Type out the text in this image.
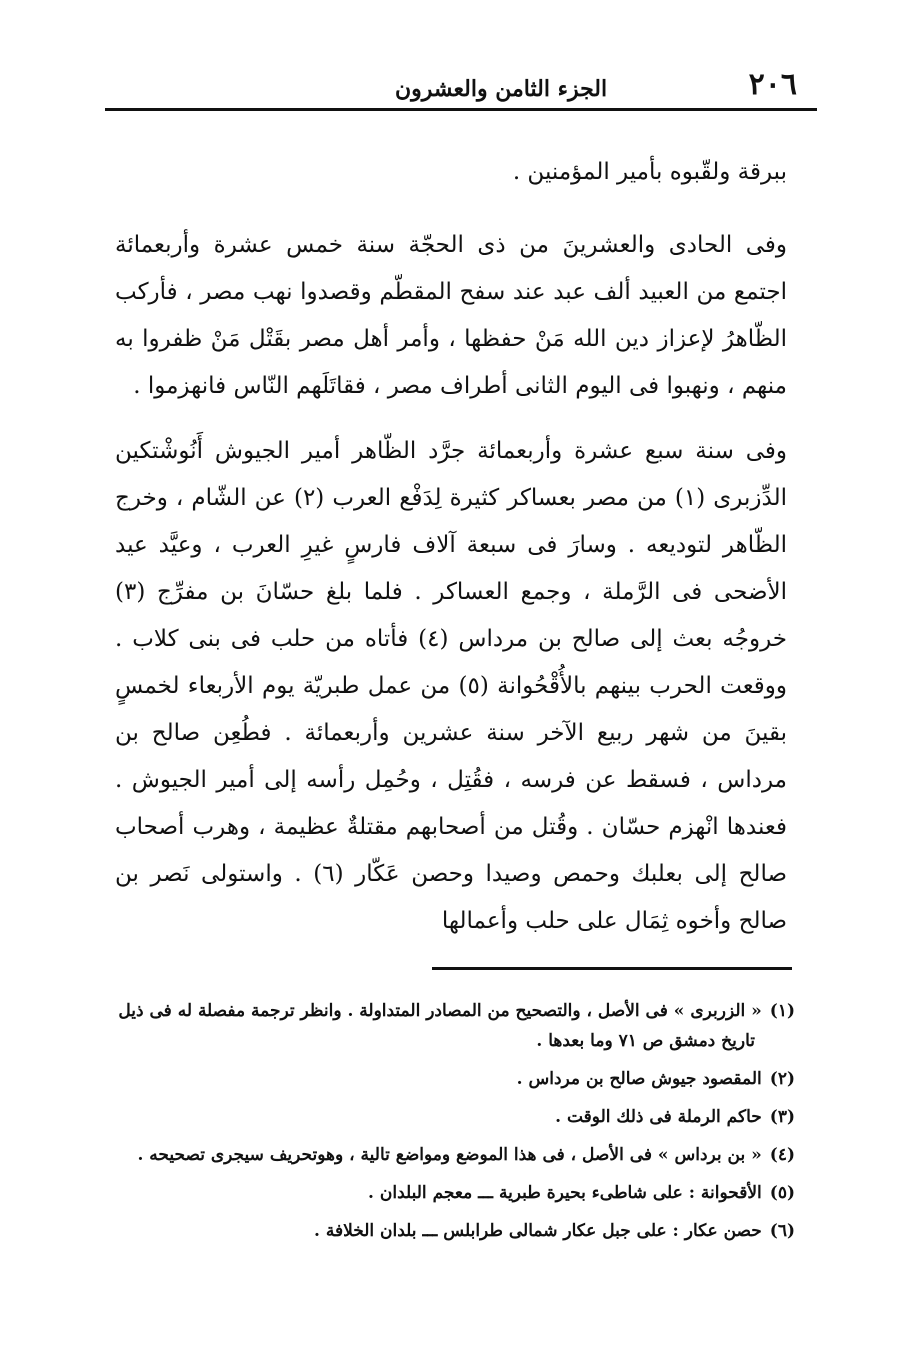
٢٠٦
الجزء الثامن والعشرون

ببرقة ولقّبوه بأمير المؤمنين .

وفى الحادى والعشرينَ من ذى الحجّة سنة خمس عشرة وأربعمائة اجتمع من العبيد ألف عبد عند سفح المقطّم وقصدوا نهب مصر ، فأركب الظّاهرُ لإعزاز دين الله مَنْ حفظها ، وأمر أهل مصر بقَتْل مَنْ ظفروا به منهم ، ونهبوا فى اليوم الثانى أطراف مصر ، فقاتَلَهم النّاس فانهزموا .

وفى سنة سبع عشرة وأربعمائة جرَّد الظّاهر أمير الجيوش أَنُوشْتكين الدِّزبرى (١) من مصر بعساكر كثيرة لِدَفْع العرب (٢) عن الشّام ، وخرج الظّاهر لتوديعه . وسارَ فى سبعة آلاف فارسٍ غيرِ العرب ، وعيَّد عيد الأضحى فى الرَّملة ، وجمع العساكر . فلما بلغ حسّانَ بن مفرِّج (٣) خروجُه بعث إلى صالح بن مرداس (٤) فأتاه من حلب فى بنى كلاب . ووقعت الحرب بينهم بالأُقْحُوانة (٥) من عمل طبريّة يوم الأربعاء لخمسٍ بقينَ من شهر ربيع الآخر سنة عشرين وأربعمائة . فطُعِن صالح بن مرداس ، فسقط عن فرسه ، فقُتِل ، وحُمِل رأسه إلى أمير الجيوش . فعندها انْهزم حسّان . وقُتل من أصحابهم مقتلةٌ عظيمة ، وهرب أصحاب صالح إلى بعلبك وحمص وصيدا وحصن عَكّار (٦) . واستولى نَصر بن صالح وأخوه ثِمَال على حلب وأعمالها

(١)« الزربرى » فى الأصل ، والتصحيح من المصادر المتداولة . وانظر ترجمة مفصلة له فى ذيل
تاريخ دمشق ص ٧١ وما بعدها .

(٢)المقصود جيوش صالح بن مرداس .

(٣)حاكم الرملة فى ذلك الوقت .

(٤)« بن برداس » فى الأصل ، فى هذا الموضع ومواضع تالية ، وهوتحريف سيجرى تصحيحه .

(٥)الأقحوانة : على شاطىء بحيرة طبرية ـــ معجم البلدان .

(٦)حصن عكار : على جبل عكار شمالى طرابلس ـــ بلدان الخلافة .
